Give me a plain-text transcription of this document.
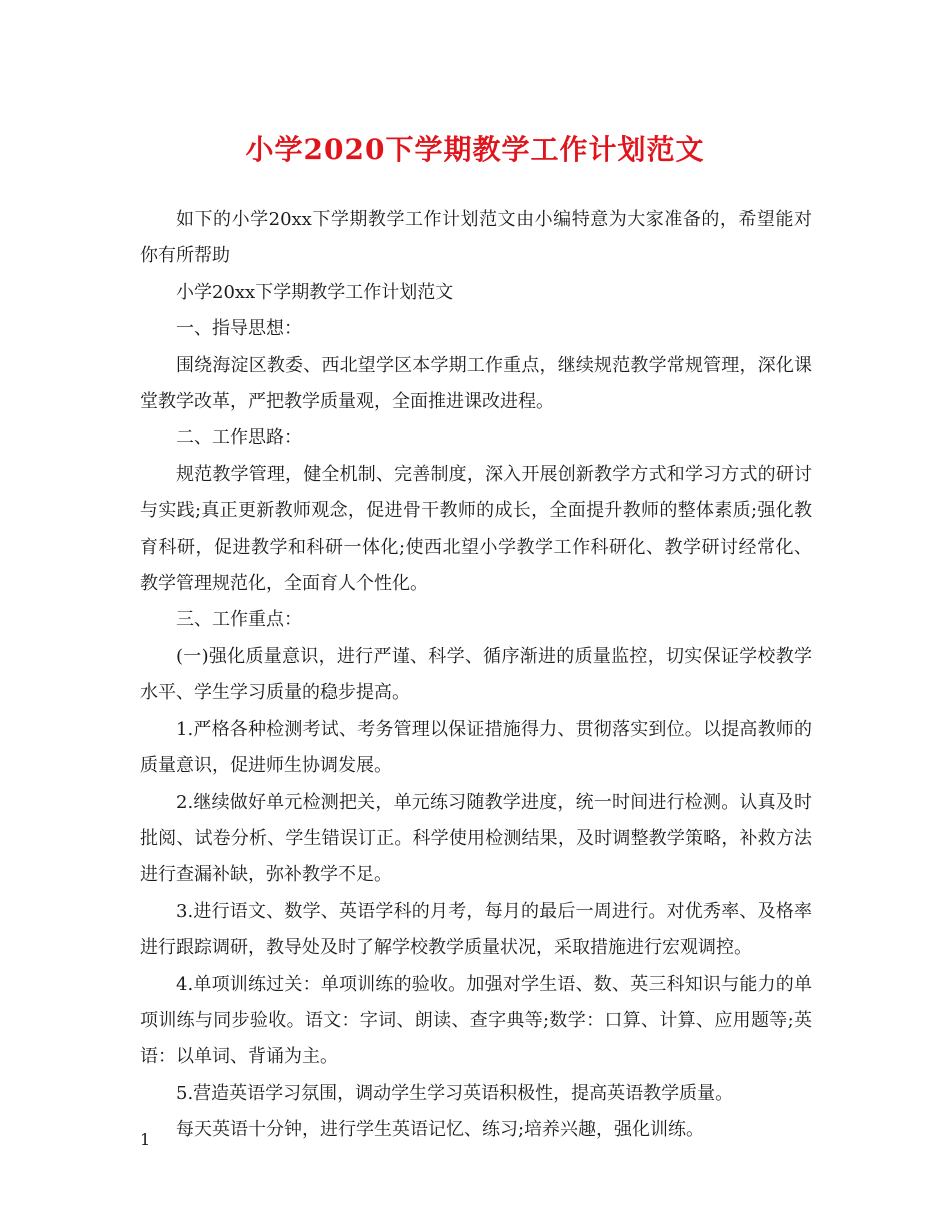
小学2020下学期教学工作计划范文

如下的小学20xx下学期教学工作计划范文由小编特意为大家准备的，希望能对你有所帮助

小学20xx下学期教学工作计划范文

一、指导思想：

围绕海淀区教委、西北望学区本学期工作重点，继续规范教学常规管理，深化课堂教学改革，严把教学质量观，全面推进课改进程。

二、工作思路：

规范教学管理，健全机制、完善制度，深入开展创新教学方式和学习方式的研讨与实践;真正更新教师观念，促进骨干教师的成长，全面提升教师的整体素质;强化教育科研，促进教学和科研一体化;使西北望小学教学工作科研化、教学研讨经常化、教学管理规范化，全面育人个性化。

三、工作重点：

(一)强化质量意识，进行严谨、科学、循序渐进的质量监控，切实保证学校教学水平、学生学习质量的稳步提高。

1.严格各种检测考试、考务管理以保证措施得力、贯彻落实到位。以提高教师的质量意识，促进师生协调发展。

2.继续做好单元检测把关，单元练习随教学进度，统一时间进行检测。认真及时批阅、试卷分析、学生错误订正。科学使用检测结果，及时调整教学策略，补救方法进行查漏补缺，弥补教学不足。

3.进行语文、数学、英语学科的月考，每月的最后一周进行。对优秀率、及格率进行跟踪调研，教导处及时了解学校教学质量状况，采取措施进行宏观调控。

4.单项训练过关：单项训练的验收。加强对学生语、数、英三科知识与能力的单项训练与同步验收。语文：字词、朗读、查字典等;数学：口算、计算、应用题等;英语：以单词、背诵为主。

5.营造英语学习氛围，调动学生学习英语积极性，提高英语教学质量。

每天英语十分钟，进行学生英语记忆、练习;培养兴趣，强化训练。

1
